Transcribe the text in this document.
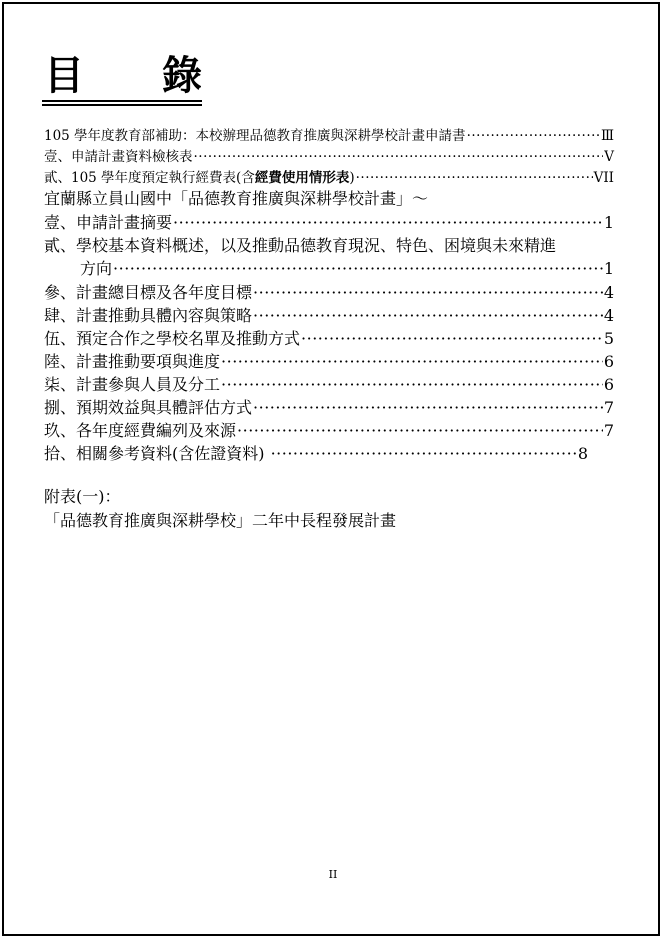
目 錄
105 學年度教育部補助：本校辦理品德教育推廣與深耕學校計畫申請書 ·····	Ⅲ
壹、申請計畫資料檢核表 ·····	V
貳、105 學年度預定執行經費表(含經費使用情形表) ·····	VII
宜蘭縣立員山國中「品德教育推廣與深耕學校計畫」～
壹、申請計畫摘要 ·····	1
貳、學校基本資料概述，以及推動品德教育現況、特色、困境與未來精進
方向 ·····	1
參、計畫總目標及各年度目標 ·····	4
肆、計畫推動具體內容與策略 ·····	4
伍、預定合作之學校名單及推動方式 ·····	5
陸、計畫推動要項與進度 ·····	6
柒、計畫參與人員及分工 ·····	6
捌、預期效益與具體評估方式 ·····	7
玖、各年度經費編列及來源 ·····	7
拾、相關參考資料(含佐證資料) ·····	8
附表(一)：
「品德教育推廣與深耕學校」二年中長程發展計畫
II
